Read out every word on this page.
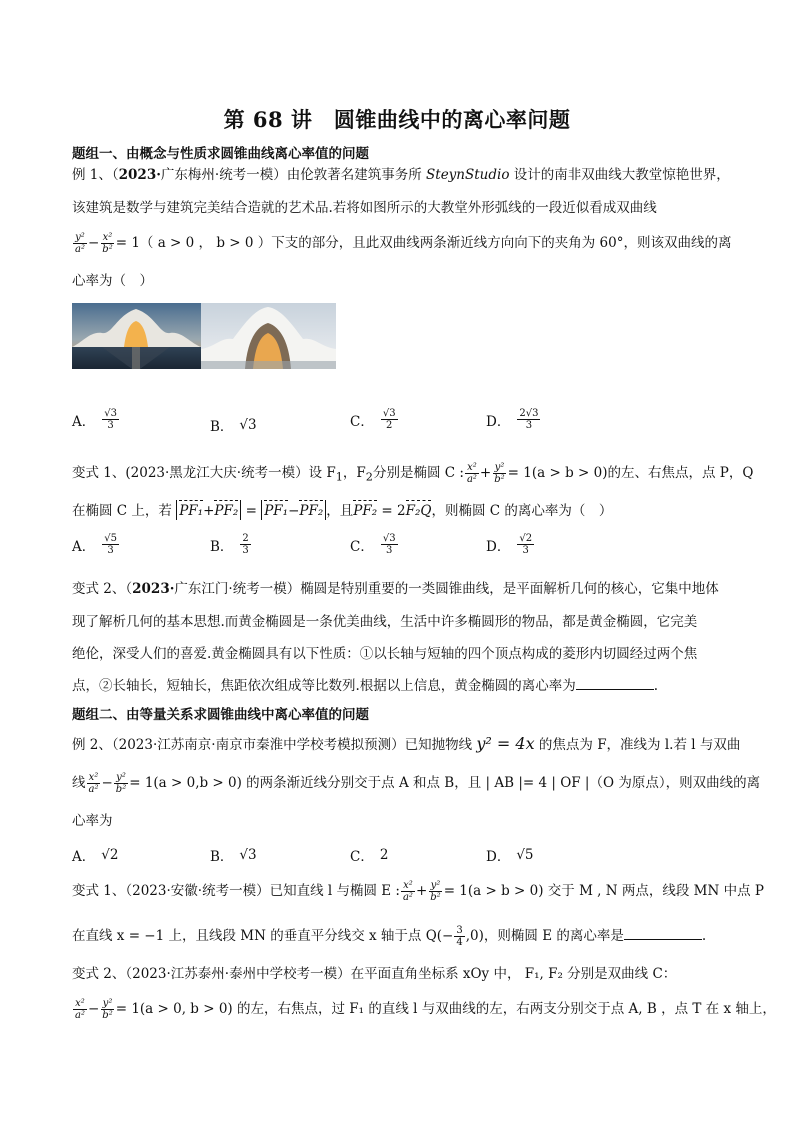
第 68 讲　圆锥曲线中的离心率问题
题组一、由概念与性质求圆锥曲线离心率值的问题
例 1、（2023·广东梅州·统考一模）由伦敦著名建筑事务所 SteynStudio 设计的南非双曲线大教堂惊艳世界，
该建筑是数学与建筑完美结合造就的艺术品.若将如图所示的大教堂外形弧线的一段近似看成双曲线
$\frac{\text{y²}}{\text{a²}} - \frac{\text{x²}}{\text{b²}} = 1$（ a > 0 ， b > 0 ）下支的部分，且此双曲线两条渐近线方向向下的夹角为 60°，则该双曲线的离
心率为（　）
A． $\frac{√3}{3}$	B． √3	C． $\frac{√3}{2}$	D． $\frac{2√3}{3}$
变式 1、(2023·黑龙江大庆·统考一模）设 $F_1$，$F_2$分别是椭圆 C : $\frac{\text{x²}}{\text{a²}} + \frac{\text{y²}}{\text{b²}} = 1(a > b > 0)$的左、右焦点，点 P，Q
在椭圆 C 上，若 PF₁+PF₂ = PF₁−PF₂ ，且PF₂ = 2F₂Q，则椭圆 C 的离心率为（　）
A． $\frac{√5}{3}$	B． $\frac{2}{3}$	C． $\frac{√3}{3}$	D． $\frac{√2}{3}$
变式 2、（2023·广东江门·统考一模）椭圆是特别重要的一类圆锥曲线，是平面解析几何的核心，它集中地体
现了解析几何的基本思想.而黄金椭圆是一条优美曲线，生活中许多椭圆形的物品，都是黄金椭圆，它完美
绝伦，深受人们的喜爱.黄金椭圆具有以下性质：①以长轴与短轴的四个顶点构成的菱形内切圆经过两个焦
点，②长轴长，短轴长，焦距依次组成等比数列.根据以上信息，黄金椭圆的离心率为	.
题组二、由等量关系求圆锥曲线中离心率值的问题
例 2、（2023·江苏南京·南京市秦淮中学校考模拟预测）已知抛物线 y² = 4x 的焦点为 F，准线为 l.若 l 与双曲
线 $\frac{\text{x²}}{\text{a²}} - \frac{\text{y²}}{\text{b²}} = 1(a > 0,b > 0)$ 的两条渐近线分别交于点 A 和点 B，且 | AB |= 4 | OF |（O 为原点），则双曲线的离
心率为
A． √2	B． √3	C． 2	D． √5
变式 1、（2023·安徽·统考一模）已知直线 l 与椭圆 E : $\frac{\text{x²}}{\text{a²}} + \frac{\text{y²}}{\text{b²}} = 1(a > b > 0)$ 交于 M , N 两点，线段 MN 中点 P
在直线 x = −1 上，且线段 MN 的垂直平分线交 x 轴于点 $Q(- \frac{3}{4} ,0)$，则椭圆 E 的离心率是	.
变式 2、（2023·江苏泰州·泰州中学校考一模）在平面直角坐标系 xOy 中， F₁, F₂ 分别是双曲线 C：
$\frac{\text{x²}}{\text{a²}} - \frac{\text{y²}}{\text{b²}} = 1(a > 0$, b > 0) 的左，右焦点，过 F₁ 的直线 l 与双曲线的左，右两支分别交于点 A, B ，点 T 在 x 轴上，
